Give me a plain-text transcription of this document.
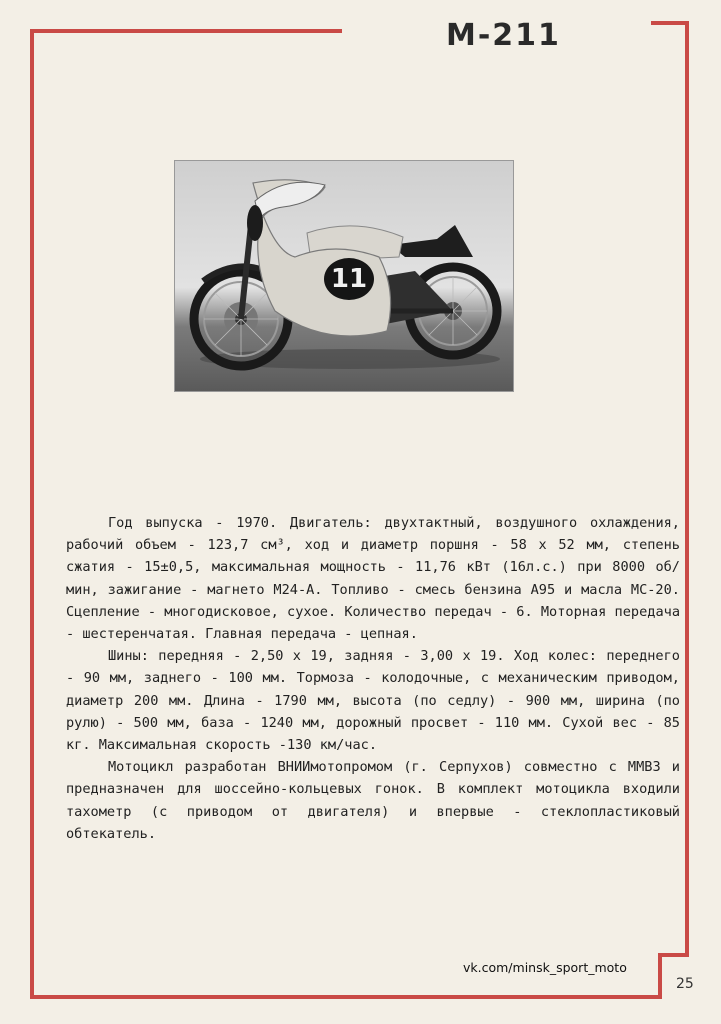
М-211
11

Год выпуска - 1970. Двигатель: двухтактный, воздушного охлаждения, рабочий объем - 123,7 см³, ход и диаметр поршня - 58 х 52 мм, степень сжатия - 15±0,5, максимальная мощность - 11,76 кВт (16л.с.) при 8000 об/мин, зажигание - магнето М24-А. Топливо - смесь бензина А95 и масла МС-20. Сцепление - многодисковое, сухое. Количество передач - 6. Моторная передача - шестеренчатая. Главная передача - цепная.

Шины: передняя - 2,50 х 19, задняя - 3,00 х 19. Ход колес: переднего - 90 мм, заднего - 100 мм. Тормоза - колодочные, с механическим приводом, диаметр 200 мм. Длина - 1790 мм, высота (по седлу) - 900 мм, ширина (по рулю) - 500 мм, база - 1240 мм, дорожный просвет - 110 мм. Сухой вес - 85 кг. Максимальная скорость -130 км/час.

Мотоцикл разработан ВНИИмотопромом (г. Серпухов) совместно с ММВЗ и предназначен для шоссейно-кольцевых гонок. В комплект мотоцикла входили тахометр (с приводом от двигателя) и впервые - стеклопластиковый обтекатель.

vk.com/minsk_sport_moto
25
